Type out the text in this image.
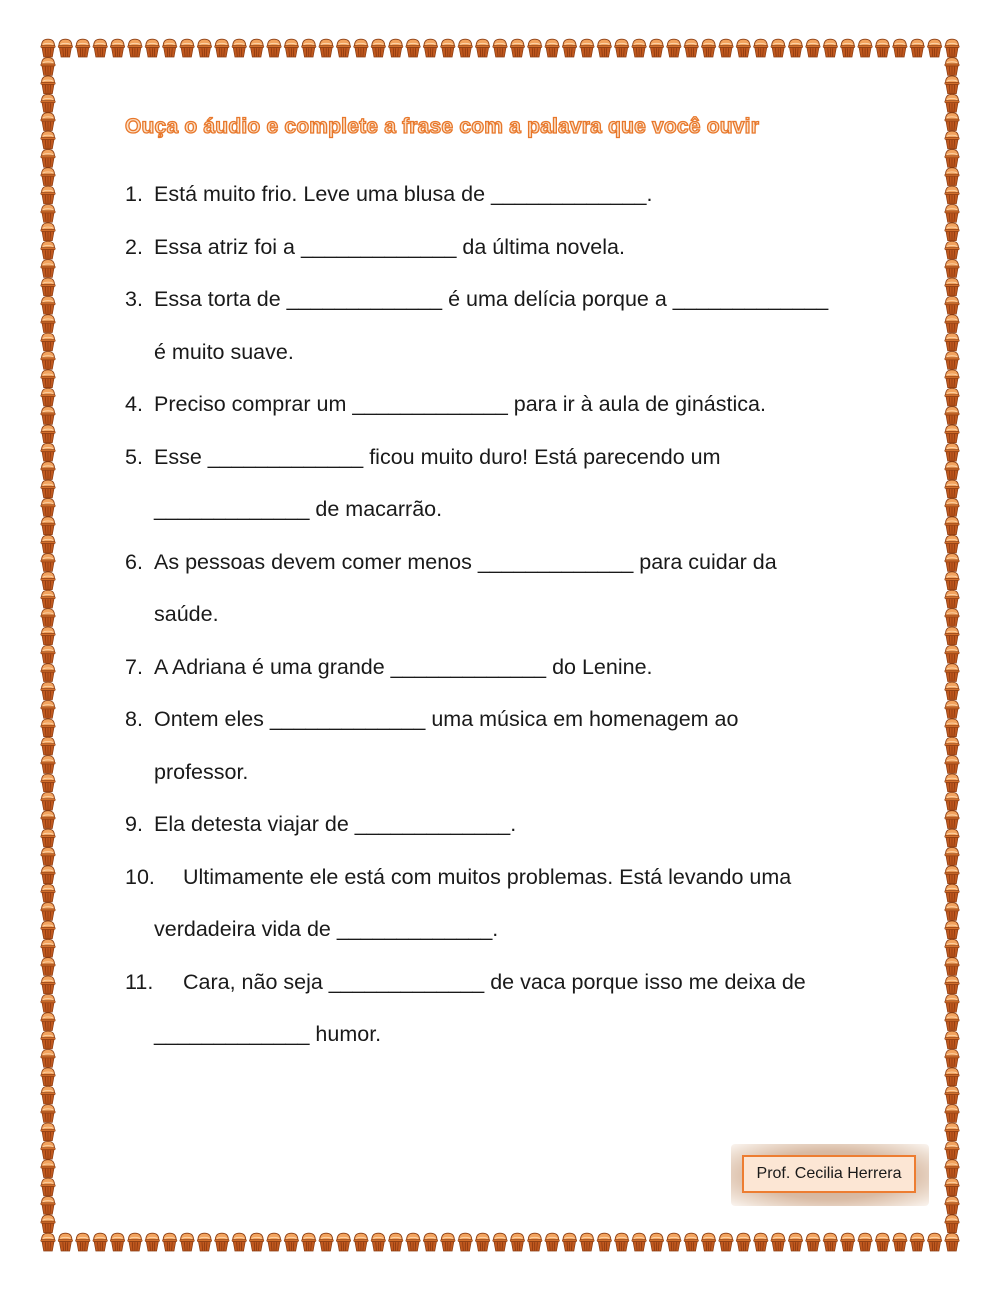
Ouça o áudio e complete a frase com a palavra que você ouvir
1. Está muito frio. Leve uma blusa de _____________.
2. Essa atriz foi a _____________ da última novela.
3. Essa torta de _____________ é uma delícia porque a _____________
é muito suave.
4. Preciso comprar um _____________ para ir à aula de ginástica.
5. Esse _____________ ficou muito duro! Está parecendo um
_____________ de macarrão.
6. As pessoas devem comer menos _____________ para cuidar da
saúde.
7. A Adriana é uma grande _____________ do Lenine.
8. Ontem eles _____________ uma música em homenagem ao
professor.
9. Ela detesta viajar de _____________.
10. Ultimamente ele está com muitos problemas. Está levando uma
verdadeira vida de _____________.
11. Cara, não seja _____________ de vaca porque isso me deixa de
_____________ humor.
Prof. Cecilia Herrera
